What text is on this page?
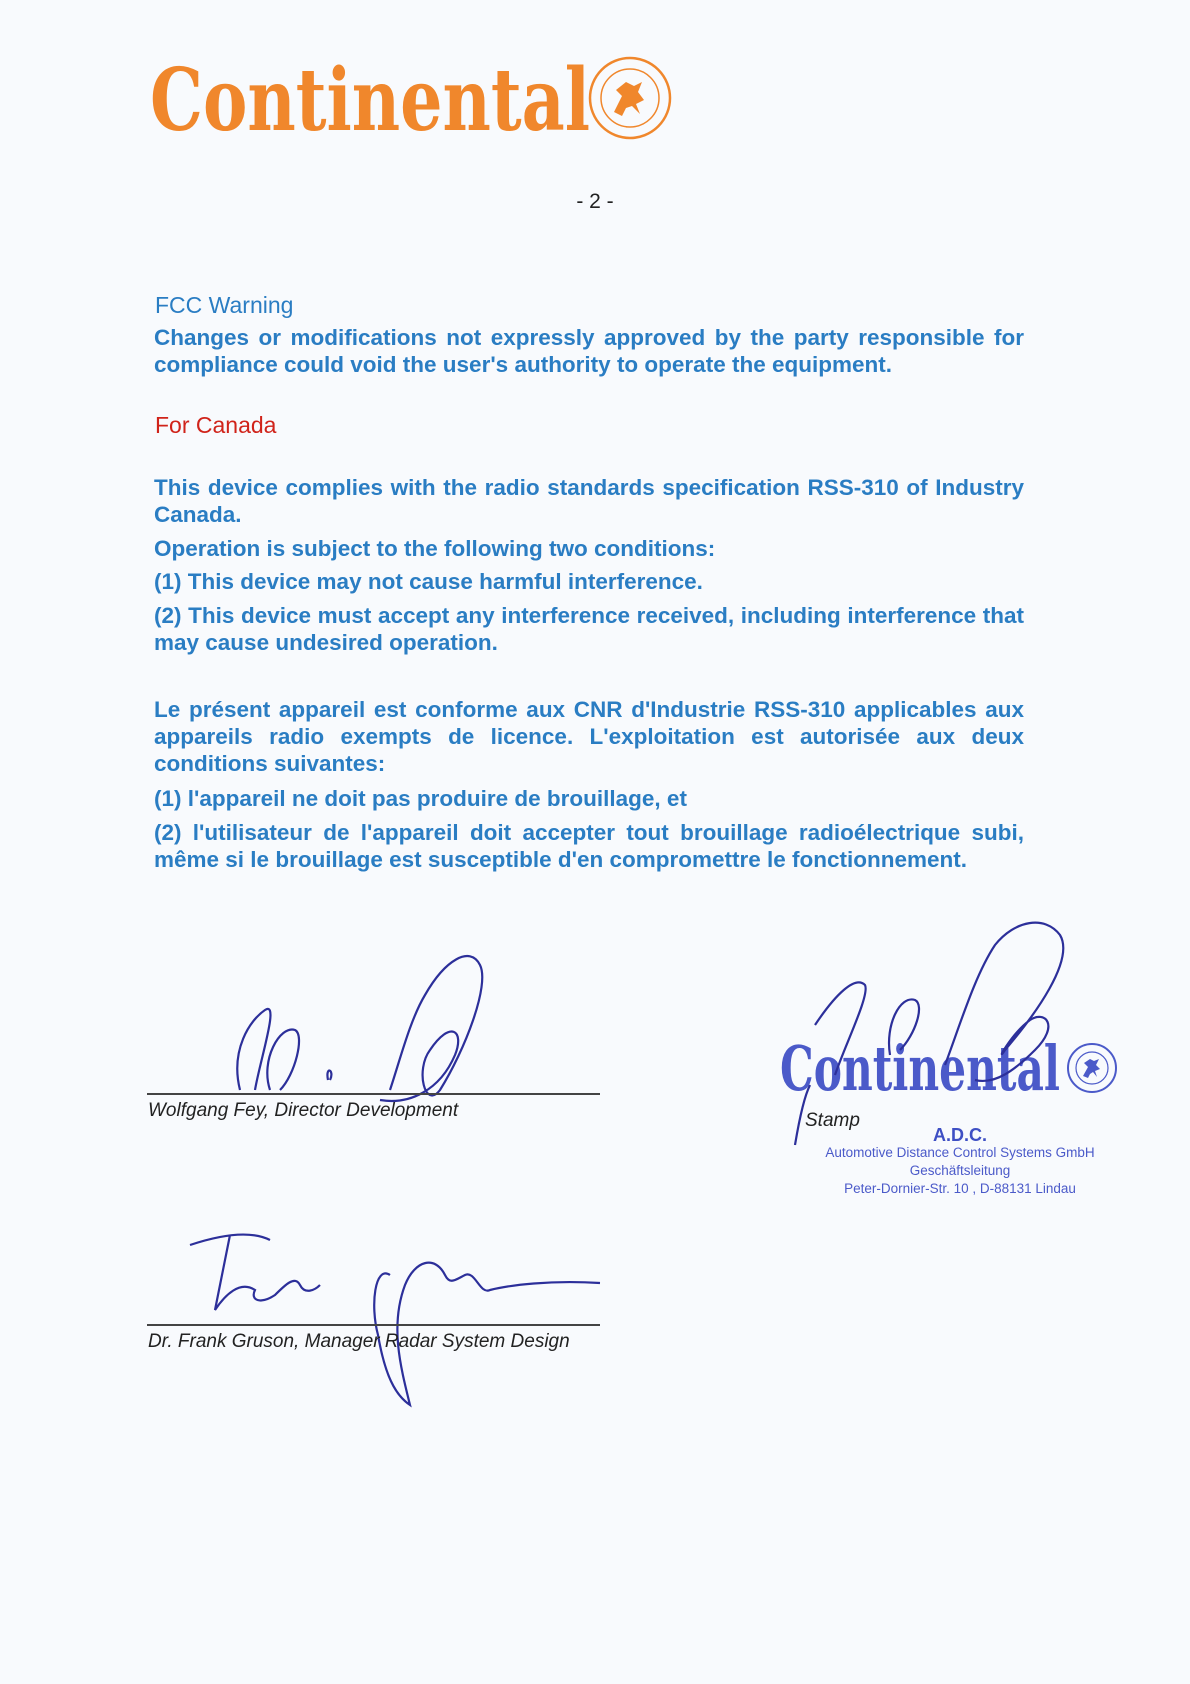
Continental
- 2 -
FCC Warning
Changes or modifications not expressly approved by the party responsible for compliance could void the user's authority to operate the equipment.
For Canada
This device complies with the radio standards specification RSS-310 of Industry Canada.
Operation is subject to the following two conditions:
(1) This device may not cause harmful interference.
(2) This device must accept any interference received, including interference that may cause undesired operation.
Le présent appareil est conforme aux CNR d'Industrie RSS-310 applicables aux appareils radio exempts de licence. L'exploitation est autorisée aux deux conditions suivantes:
(1) l'appareil ne doit pas produire de brouillage, et
(2) l'utilisateur de l'appareil doit accepter tout brouillage radioélectrique subi, même si le brouillage est susceptible d'en compromettre le fonctionnement.
Wolfgang Fey, Director Development
Dr. Frank Gruson, Manager Radar System Design
Continental
Stamp
A.D.C.
Automotive Distance Control Systems GmbH
Geschäftsleitung
Peter-Dornier-Str. 10 , D-88131 Lindau
